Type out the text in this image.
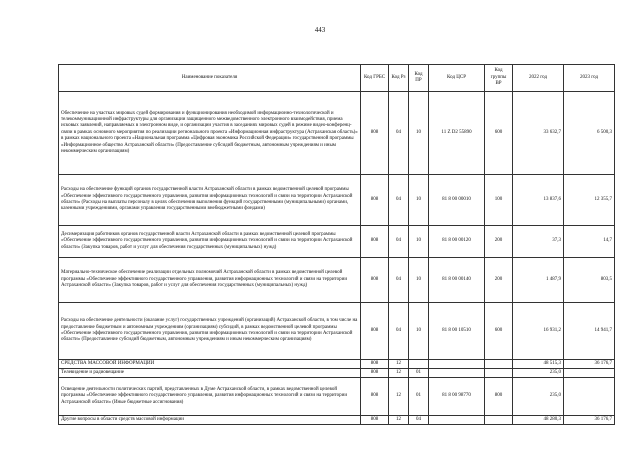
443
Наименование показателя	Код ГРБС	Код Рз	Код ПР	Код ЦСР	Код группы ВР	2022 год	2023 год
Обеспечение на участках мировых судей формирования и функционирования необходимой информационно-технологической и телекоммуникационной инфраструктуры для организации защищенного межведомственного электронного взаимодействия, приема исковых заявлений, направляемых в электронном виде, и организации участия в заседаниях мировых судей в режиме видео-конференц-связи в рамках основного мероприятия по реализации регионального проекта «Информационная инфраструктура (Астраханская область)» в рамках национального проекта «Национальная программа «Цифровая экономика Российской Федерации» государственной программы «Информационное общество Астраханской области» (Предоставление субсидий бюджетным, автономным учреждениям и иным некоммерческим организациям)	808	04	10	11 Z D2 55890	600	33 632,7	6 500,3
Расходы на обеспечение функций органов государственной власти Астраханской области в рамках ведомственной целевой программы «Обеспечение эффективного государственного управления, развития информационных технологий и связи на территории Астраханской области» (Расходы на выплаты персоналу в целях обеспечения выполнения функций государственными (муниципальными) органами, казенными учреждениями, органами управления государственными внебюджетными фондами)	808	04	10	81 8 00 00010	100	13 837,6	12 355,7
Десимеризация работников органов государственной власти Астраханской области в рамках ведомственной целевой программы «Обеспечение эффективного государственного управления, развития информационных технологий и связи на территории Астраханской области» (Закупка товаров, работ и услуг для обеспечения государственных (муниципальных) нужд)	808	04	10	81 8 00 00120	200	37,3	14,7
Материально-техническое обеспечение реализации отдельных полномочий Астраханской области в рамках ведомственной целевой программы «Обеспечение эффективного государственного управления, развития информационных технологий и связи на территории Астраханской области» (Закупка товаров, работ и услуг для обеспечения государственных (муниципальных) нужд)	808	04	10	81 8 00 00140	200	1 487,9	803,5
Расходы на обеспечение деятельности (оказание услуг) государственных учреждений (организаций) Астраханской области, в том числе на предоставление бюджетным и автономным учреждениям (организациям) субсидий, в рамках ведомственной целевой программы «Обеспечение эффективного государственного управления, развития информационных технологий и связи на территории Астраханской области» (Предоставление субсидий бюджетным, автономным учреждениям и иным некоммерческим организациям)	808	04	10	81 8 00 10510	600	16 931,2	14 941,7
СРЕДСТВА МАССОВОЙ ИНФОРМАЦИИ	808	12				48 515,3	36 176,7
Телевидение и радиовещание	808	12	01			235,0	
Освещение деятельности политических партий, представленных в Думе Астраханской области, в рамках ведомственной целевой программы «Обеспечение эффективного государственного управления, развития информационных технологий и связи на территории Астраханской области» (Иные бюджетные ассигнования)	808	12	01	81 8 00 98770	800	235,0	
Другие вопросы в области средств массовой информации	808	12	04			48 280,3	36 176,7
